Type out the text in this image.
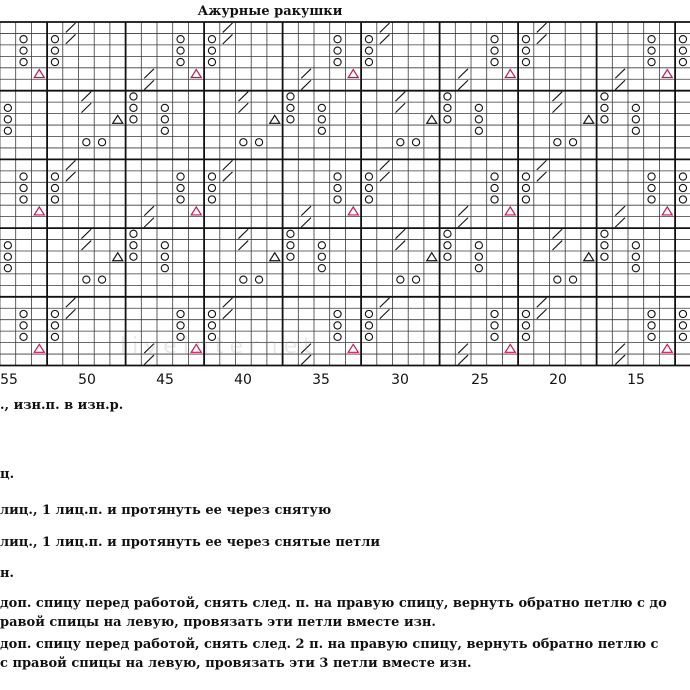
Ажурные ракушки
55	50	45	40	35	30	25	20	15
liveinternet

., изн.п. в изн.р.

ц.

лиц., 1 лиц.п. и протянуть ее через снятую

лиц., 1 лиц.п. и протянуть ее через снятые петли

н.

доп. спицу перед работой, снять след. п. на правую спицу, вернуть обратно петлю с до

равой спицы на левую, провязать эти петли вместе изн.

доп. спицу перед работой, снять след. 2 п. на правую спицу, вернуть обратно петлю с

с правой спицы на левую, провязать эти 3 петли вместе изн.
